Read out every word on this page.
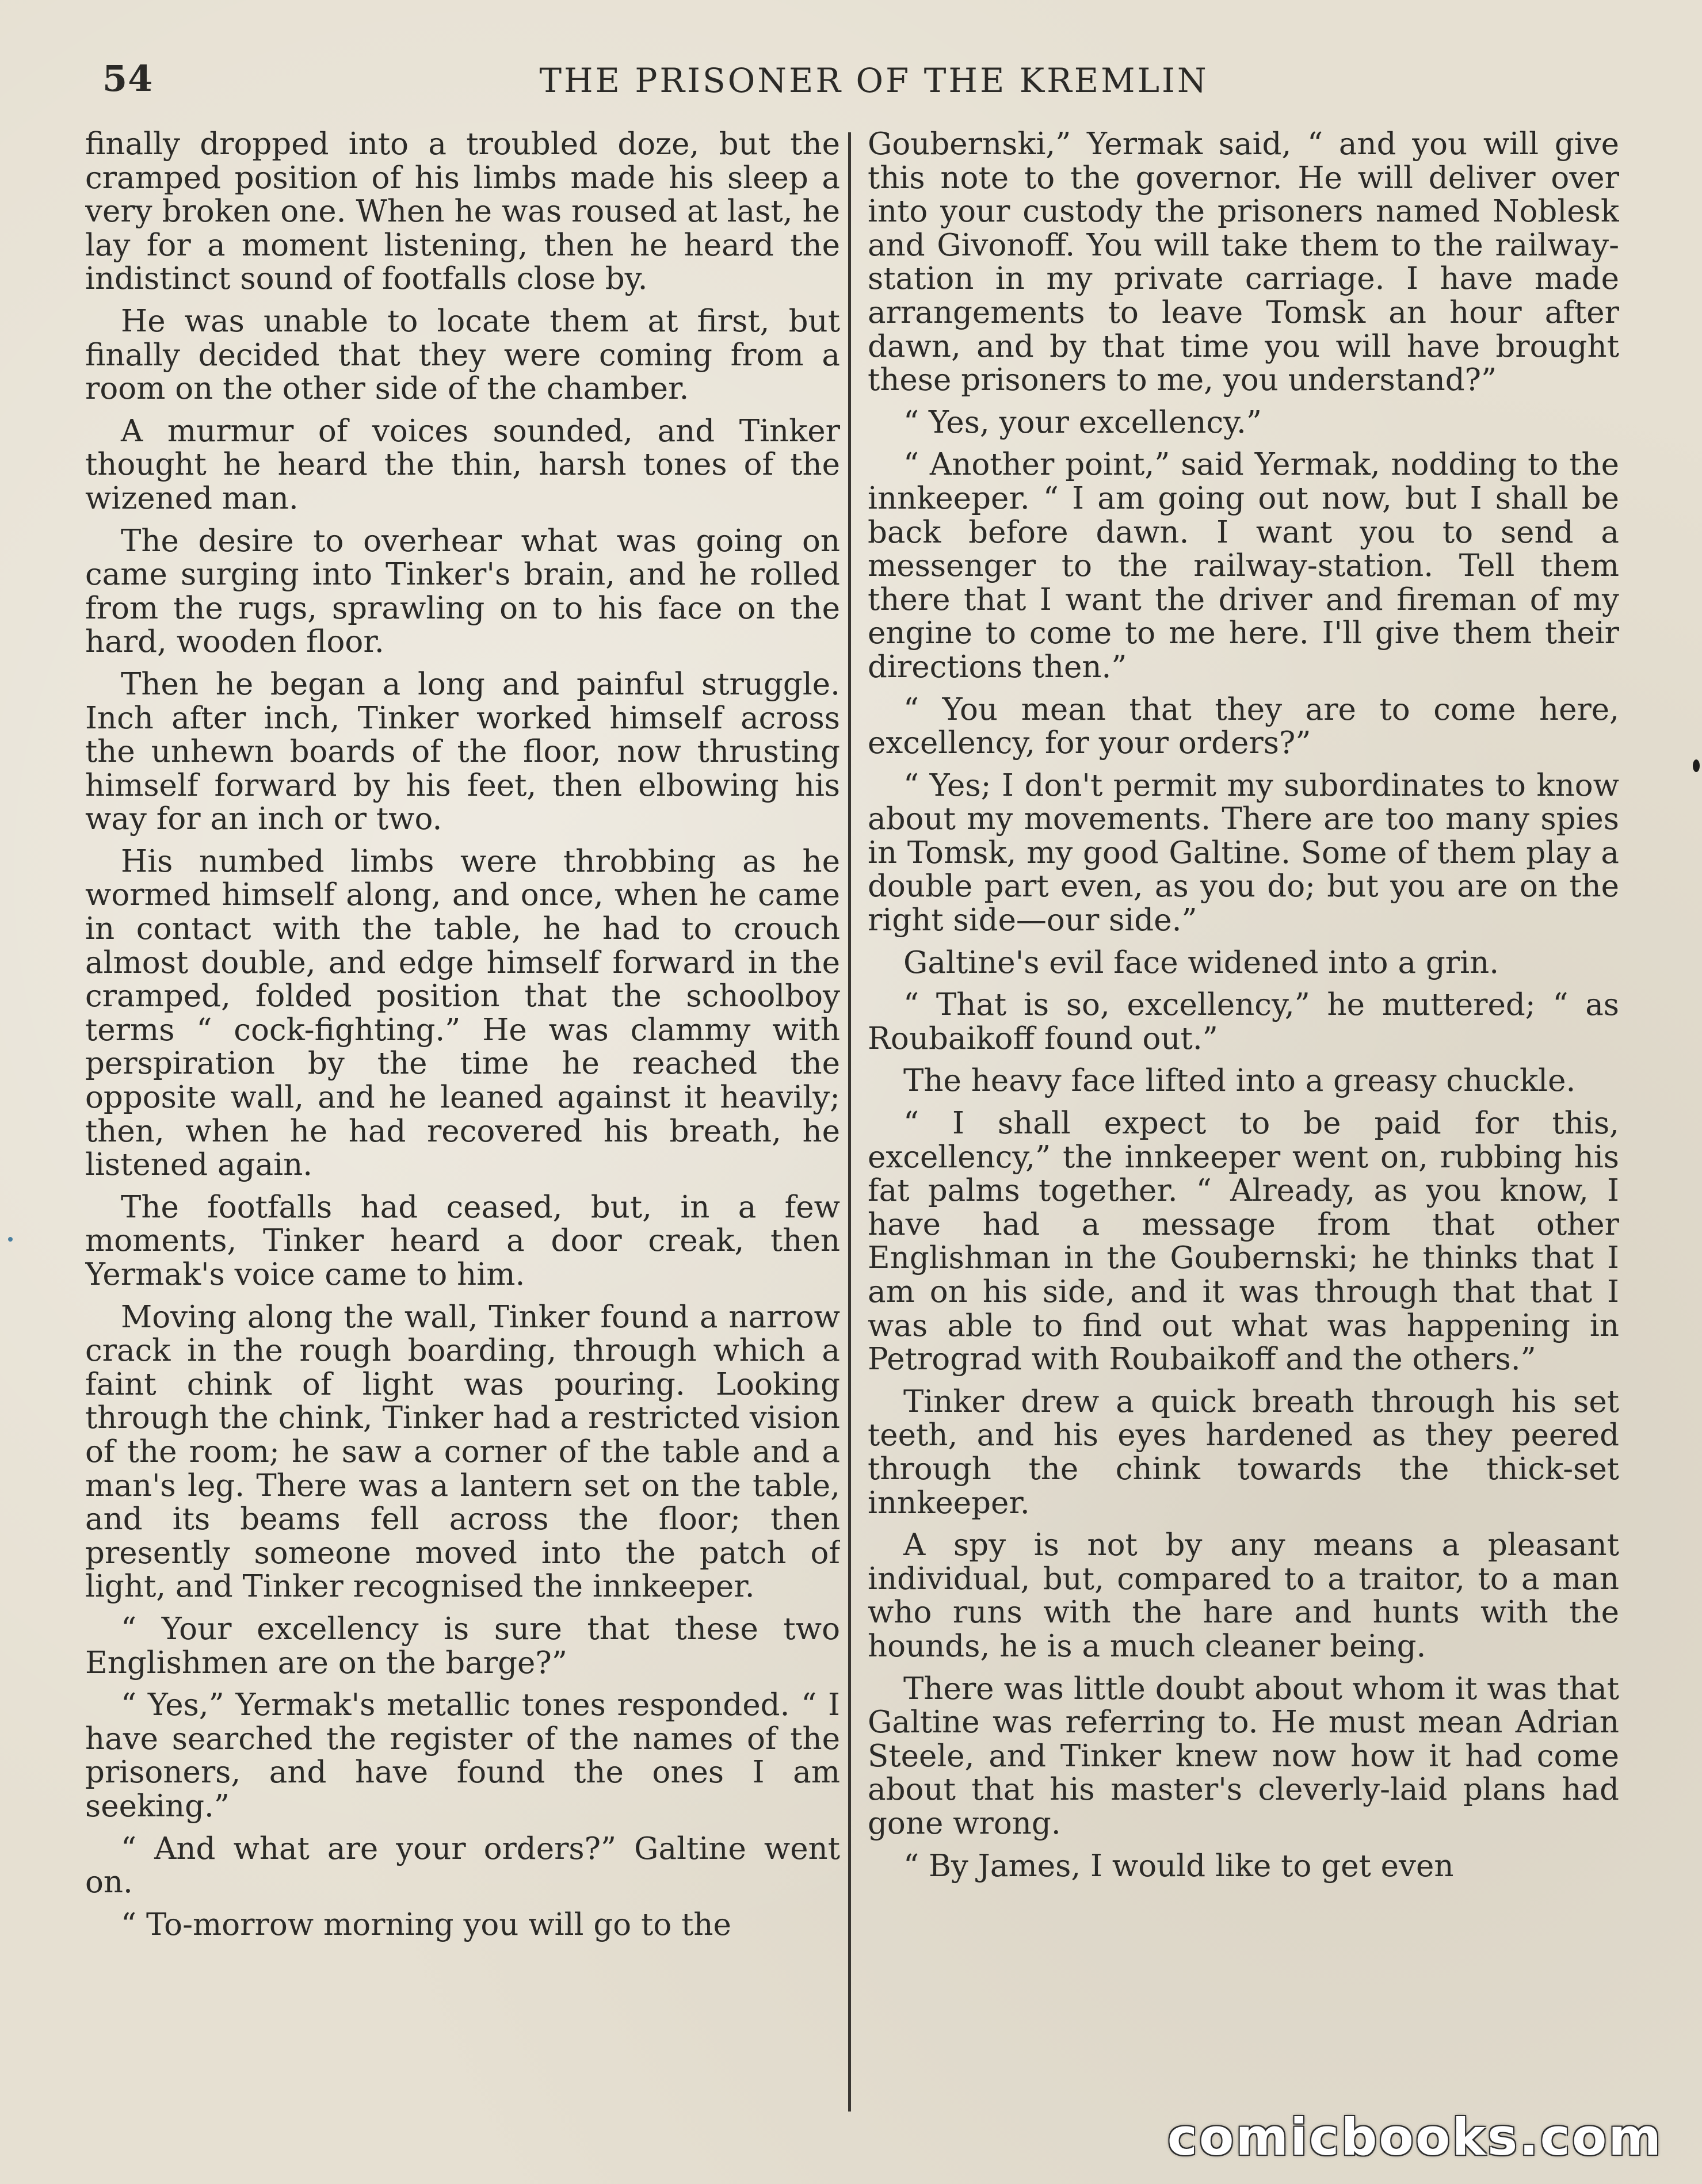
54	THE PRISONER OF THE KREMLIN

finally dropped into a troubled doze, but the cramped position of his limbs made his sleep a very broken one. When he was roused at last, he lay for a moment listening, then he heard the indistinct sound of footfalls close by.

He was unable to locate them at first, but finally decided that they were coming from a room on the other side of the chamber.

A murmur of voices sounded, and Tinker thought he heard the thin, harsh tones of the wizened man.

The desire to overhear what was going on came surging into Tinker's brain, and he rolled from the rugs, sprawling on to his face on the hard, wooden floor.

Then he began a long and painful struggle. Inch after inch, Tinker worked himself across the unhewn boards of the floor, now thrusting himself forward by his feet, then elbowing his way for an inch or two.

His numbed limbs were throbbing as he wormed himself along, and once, when he came in contact with the table, he had to crouch almost double, and edge himself forward in the cramped, folded position that the schoolboy terms “ cock-fighting.” He was clammy with perspiration by the time he reached the opposite wall, and he leaned against it heavily; then, when he had recovered his breath, he listened again.

The footfalls had ceased, but, in a few moments, Tinker heard a door creak, then Yermak's voice came to him.

Moving along the wall, Tinker found a narrow crack in the rough boarding, through which a faint chink of light was pouring. Looking through the chink, Tinker had a restricted vision of the room; he saw a corner of the table and a man's leg. There was a lantern set on the table, and its beams fell across the floor; then presently someone moved into the patch of light, and Tinker recognised the innkeeper.

“ Your excellency is sure that these two Englishmen are on the barge?”

“ Yes,” Yermak's metallic tones responded. “ I have searched the register of the names of the prisoners, and have found the ones I am seeking.”

“ And what are your orders?” Galtine went on.

“ To-morrow morning you will go to the

Goubernski,” Yermak said, “ and you will give this note to the governor. He will deliver over into your custody the prisoners named Noblesk and Givonoff. You will take them to the railway-station in my private carriage. I have made arrangements to leave Tomsk an hour after dawn, and by that time you will have brought these prisoners to me, you understand?”

“ Yes, your excellency.”

“ Another point,” said Yermak, nodding to the innkeeper. “ I am going out now, but I shall be back before dawn. I want you to send a messenger to the railway-station. Tell them there that I want the driver and fireman of my engine to come to me here. I'll give them their directions then.”

“ You mean that they are to come here, excellency, for your orders?”

“ Yes; I don't permit my subordinates to know about my movements. There are too many spies in Tomsk, my good Galtine. Some of them play a double part even, as you do; but you are on the right side—our side.”

Galtine's evil face widened into a grin.

“ That is so, excellency,” he muttered; “ as Roubaikoff found out.”

The heavy face lifted into a greasy chuckle.

“ I shall expect to be paid for this, excellency,” the innkeeper went on, rubbing his fat palms together. “ Already, as you know, I have had a message from that other Englishman in the Goubernski; he thinks that I am on his side, and it was through that that I was able to find out what was happening in Petrograd with Roubaikoff and the others.”

Tinker drew a quick breath through his set teeth, and his eyes hardened as they peered through the chink towards the thick-set innkeeper.

A spy is not by any means a pleasant individual, but, compared to a traitor, to a man who runs with the hare and hunts with the hounds, he is a much cleaner being.

There was little doubt about whom it was that Galtine was referring to. He must mean Adrian Steele, and Tinker knew now how it had come about that his master's cleverly-laid plans had gone wrong.

“ By James, I would like to get even

comicbooks.com
